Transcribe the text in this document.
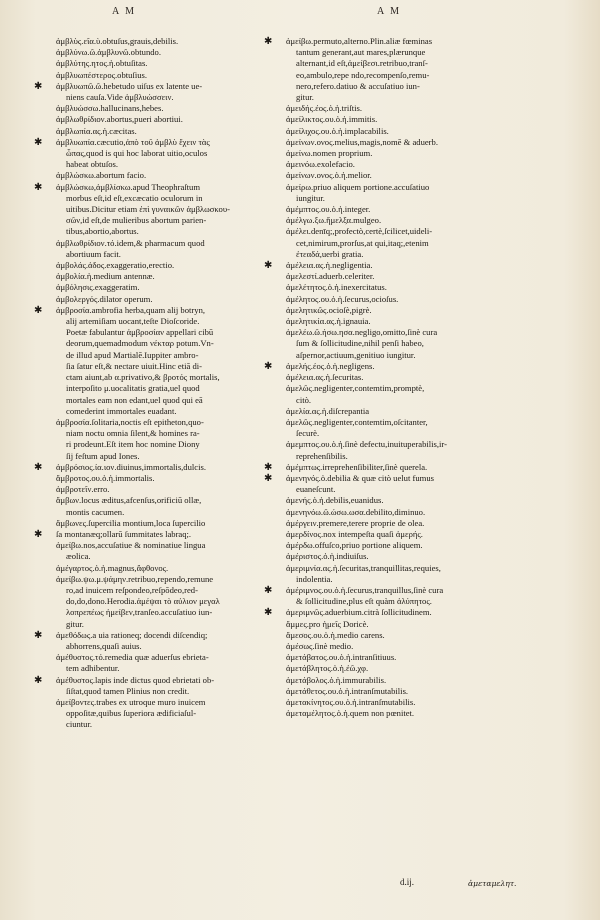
A M	A M
ἀμβλὺς.εῖα.ὺ.obtuſus,grauis,debilis.
ἀμβλύνω.ῶ.ἀμβλυνῶ.obtundo.
ἀμβλύτης.ητος.ἡ.obtuſitas.
ἀμβλυωπέστερος.obtuſius.
✱ ἀμβλυωπῶ.ῶ.hebetudo uiſus ex latente ue-
niens cauſa.Vide ἀμβλυώσσειν.
ἀμβλυώσσω.hallucinans,hebes.
ἀμβλωθρίδιον.abortus,pueri abortiui.
ἀμβλωπία.ας.ἡ.cæcitas.
✱ ἀμβλυωπία.cæcutio,ἀπὸ τοῦ ἀμβλὺ ἔχειν τὰς
ὦπας,quod is qui hoc laborat uitio,oculos
habeat obtuſos.
ἀμβλώσκω.abortum facio.
✱ ἀμβλώσκω,ἀμβλίσκω.apud Theophraſtum
morbus eſt,id eſt,excæcatio oculorum in
uitibus.Dicitur etiam ἐπὶ γυναικῶν ἀμβλωσκου-
σῶν,id eſt,de mulieribus abortum parien-
tibus,abortio,abortus.
ἀμβλωθρίδιον.τό.idem,& pharmacum quod
abortiuum facit.
ἀμβολάς.ἀδος.exaggeratio,erectio.
ἀμβολία.ἡ.medium antennæ.
ἀμβόλησις.exaggeratim.
ἀμβολεργός.dilator operum.
✱ ἀμβροσία.ambrofia herba,quam alij botryn,
alij artemiſiam uocant,teſte Dioſcoride.
Poetæ fabulantur ἀμβροσίαν appellari cibū
deorum,quemadmodum νέκταρ potum.Vn-
de illud apud Martialē.Iuppiter ambro-
ſia ſatur eſt,& nectare uiuit.Hinc etiā di-
ctam aiunt,ab α.privativo,& βροτός mortalis,
interpoſito μ.uocalitatis gratia,uel quod
mortales eam non edant,uel quod qui eā
comederint immortales euadant.
ἀμβροσία.ſolitaria,noctis eſt epitheton,quo-
niam noctu omnia ſilent,& homines ra-
ri prodeunt.Eſt item hoc nomine Diony
ſij feſtum apud Iones.
✱ ἀμβρόσιος.ία.ιον.diuinus,immortalis,dulcis.
ἄμβροτος.ου.ὁ.ἡ.immortalis.
ἀμβροτεῖν.erro.
ἄμβων.locus æditus,afcenſus,orificiū ollæ,
montis cacumen.
ἄμβωνες.ſupercilia montium,loca ſupercilio
✱ ſa montanæq;ollarū ſummitates labraq;.
ἀμείβω.nos,accuſatiue & nominatiue lingua
æolica.
ἀμέγαρτος.ὁ.ἡ.magnus,ἄφθονος.
ἀμείβω.ψω.μ.ψάμην.retribuo,rependo,remune
ro,ad inuicem reſpondeo,reſpōdeo,red-
do,do,dono.Herodia.ἀμέψαι τὸ αὐλιον μεγαλ
λοπρεπέως ἠμείβεν,tranſeo.accuſatiuo iun-
gitur.
✱ ἀμεθόδως.a uia rationeq; docendi diſcendiq;
abhorrens,quaſi auius.
ἀμέθυστος.τό.remedia quæ aduerſus ebrieta-
tem adhibentur.
✱ ἀμέθυστος.lapis inde dictus quod ebrietati ob-
ſiſtat,quod tamen Plinius non credit.
ἀμείβοντες.trabes ex utroque muro inuicem
oppoſitæ,quibus ſuperiora ædificiaſul-
ciuntur.
✱ ἀμείβω.permuto,alterno.Plin.aliæ fœminas
tantum generant,aut mares,plærunque
alternant,id eſt,ἀμείβεσι.retribuo,tranſ-
eo,ambulo,repe ndo,recompenſo,remu-
nero,refero.datiuo & accuſatiuo iun-
gitur.
ἀμειδής.έος.ὁ.ἡ.triſtis.
ἀμείλικτος.ου.ὁ.ἡ.immitis.
ἀμείλιχος.ου.ὁ.ἡ.implacabilis.
ἀμείνων.ονος.melius,magis,nomē & aduerb.
ἀμείνω.nomen proprium.
ἀμεινόω.exolefacio.
ἀμείνων.ονος.ὁ.ἡ.melior.
ἀμείρω.priuo aliquem portione.accuſatiuo
iungitur.
ἀμέμπτος.ου.ὁ.ἡ.integer.
ἀμέλγω.ξω.ἤμελξα.mulgeo.
ἀμέλει.denīq;,profectò,certè,ſcilicet,uideli-
cet,nimirum,prorſus,at qui,itaq;,etenim
ἐτεαδά,uerbi gratia.
✱ ἀμέλεια.ας.ἡ.negligentia.
ἀμελεστί.aduerb.celeriter.
ἀμελέτητος.ὁ.ἡ.inexercitatus.
ἀμέλητος.ου.ὁ.ἡ.ſecurus,ocioſus.
ἀμελητικῶς.ocioſè,pigrè.
ἀμελητικία.ας.ἡ.ignauia.
ἀμελέω.ῶ.ήσω.ησα.negligo,omitto,ſinè cura
ſum & ſollicitudine,nihil penſi habeo,
aſpernor,actiuum,genitiuo iungitur.
✱ ἀμελής.έος.ὁ.ἡ.negligens.
ἀμέλεια.ας.ἡ.ſecuritas.
ἀμελῶς.negligenter,contemtim,promptè,
citò.
ἀμελία.ας.ἡ.diſcrepantia
ἀμελῶς.negligenter,contemtim,oſcitanter,
ſecurè.
ἀμεμπτος.ου.ὁ.ἡ.ſinè defectu,inuituperabilis,ir-
reprehenſibilis.
✱ ἀμέμπτως.irreprehenſibiliter,ſinè querela.
✱ ἀμενηνός.ὁ.debilia & quæ citò uelut fumus
euaneſcunt.
ἀμενής.ὁ.ἡ.debilis,euanidus.
ἀμενηνόω.ῶ.ώσω.ωσα.debilito,diminuo.
ἀμέργειν.premere,terere proprie de olea.
ἀμερδίνος.nox intempeſta quaſi ἀμερής.
ἀμέρδω.offuſco,priuo portione aliquem.
ἀμέριστος.ὁ.ἡ.indiuiſus.
ἀμεριμνία.ας.ἡ.ſecuritas,tranquillitas,requies,
indolentia.
✱ ἀμέριμνος.ου.ὁ.ἡ.ſecurus,tranquillus,ſinè cura
& ſollicitudine,plus eſt quàm ἀλύπητος.
✱ ἀμεριμνῶς.aduerbium.citrà ſollicitudinem.
ἄμμες.pro ἡμεῖς Doricè.
ἄμεσος.ου.ὁ.ἡ.medio carens.
ἀμέσως.ſinè medio.
ἀμετάβατος.ου.ὁ.ἡ.intranſitiuus.
ἀμετάβλητος.ὁ.ἡ.ἐῶ.χφ.
ἀμετάβολος.ὁ.ἡ.immurabilis.
ἀμετάθετος.ου.ὁ.ἡ.intranſmutabilis.
ἀμετακίνητος.ου.ὁ.ἡ.intranſmutabilis.
ἀμεταμέλητος.ὁ.ἡ.quem non pœnitet.
d.ij.	ἀμεταμελητ.
